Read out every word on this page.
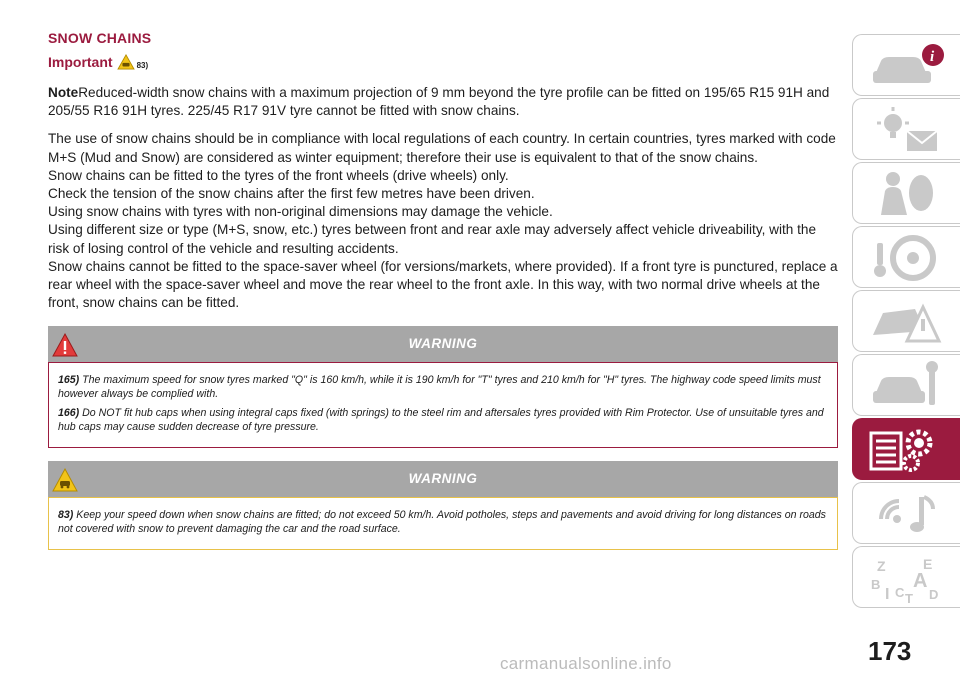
SNOW CHAINS
Important	83)

NoteReduced-width snow chains with a maximum projection of 9 mm beyond the tyre profile can be fitted on 195/65 R15 91H and 205/55 R16 91H tyres. 225/45 R17 91V tyre cannot be fitted with snow chains.

The use of snow chains should be in compliance with local regulations of each country. In certain countries, tyres marked with code M+S (Mud and Snow) are considered as winter equipment; therefore their use is equivalent to that of the snow chains.

Snow chains can be fitted to the tyres of the front wheels (drive wheels) only.

Check the tension of the snow chains after the first few metres have been driven.

Using snow chains with tyres with non-original dimensions may damage the vehicle.

Using different size or type (M+S, snow, etc.) tyres between front and rear axle may adversely affect vehicle driveability, with the risk of losing control of the vehicle and resulting accidents.

Snow chains cannot be fitted to the space-saver wheel (for versions/markets, where provided). If a front tyre is punctured, replace a rear wheel with the space-saver wheel and move the rear wheel to the front axle. In this way, with two normal drive wheels at the front, snow chains can be fitted.

WARNING
165) The maximum speed for snow tyres marked "Q" is 160 km/h, while it is 190 km/h for "T" tyres and 210 km/h for "H" tyres. The highway code speed limits must however always be complied with.
166) Do NOT fit hub caps when using integral caps fixed (with springs) to the steel rim and aftersales tyres provided with Rim Protector. Use of unsuitable tyres and hub caps may cause sudden decrease of tyre pressure.
WARNING
83) Keep your speed down when snow chains are fitted; do not exceed 50 km/h. Avoid potholes, steps and pavements and avoid driving for long distances on roads not covered with snow to prevent damaging the car and the road surface.
i
Z	E
B A
D
I C T
173
carmanualsonline.info
